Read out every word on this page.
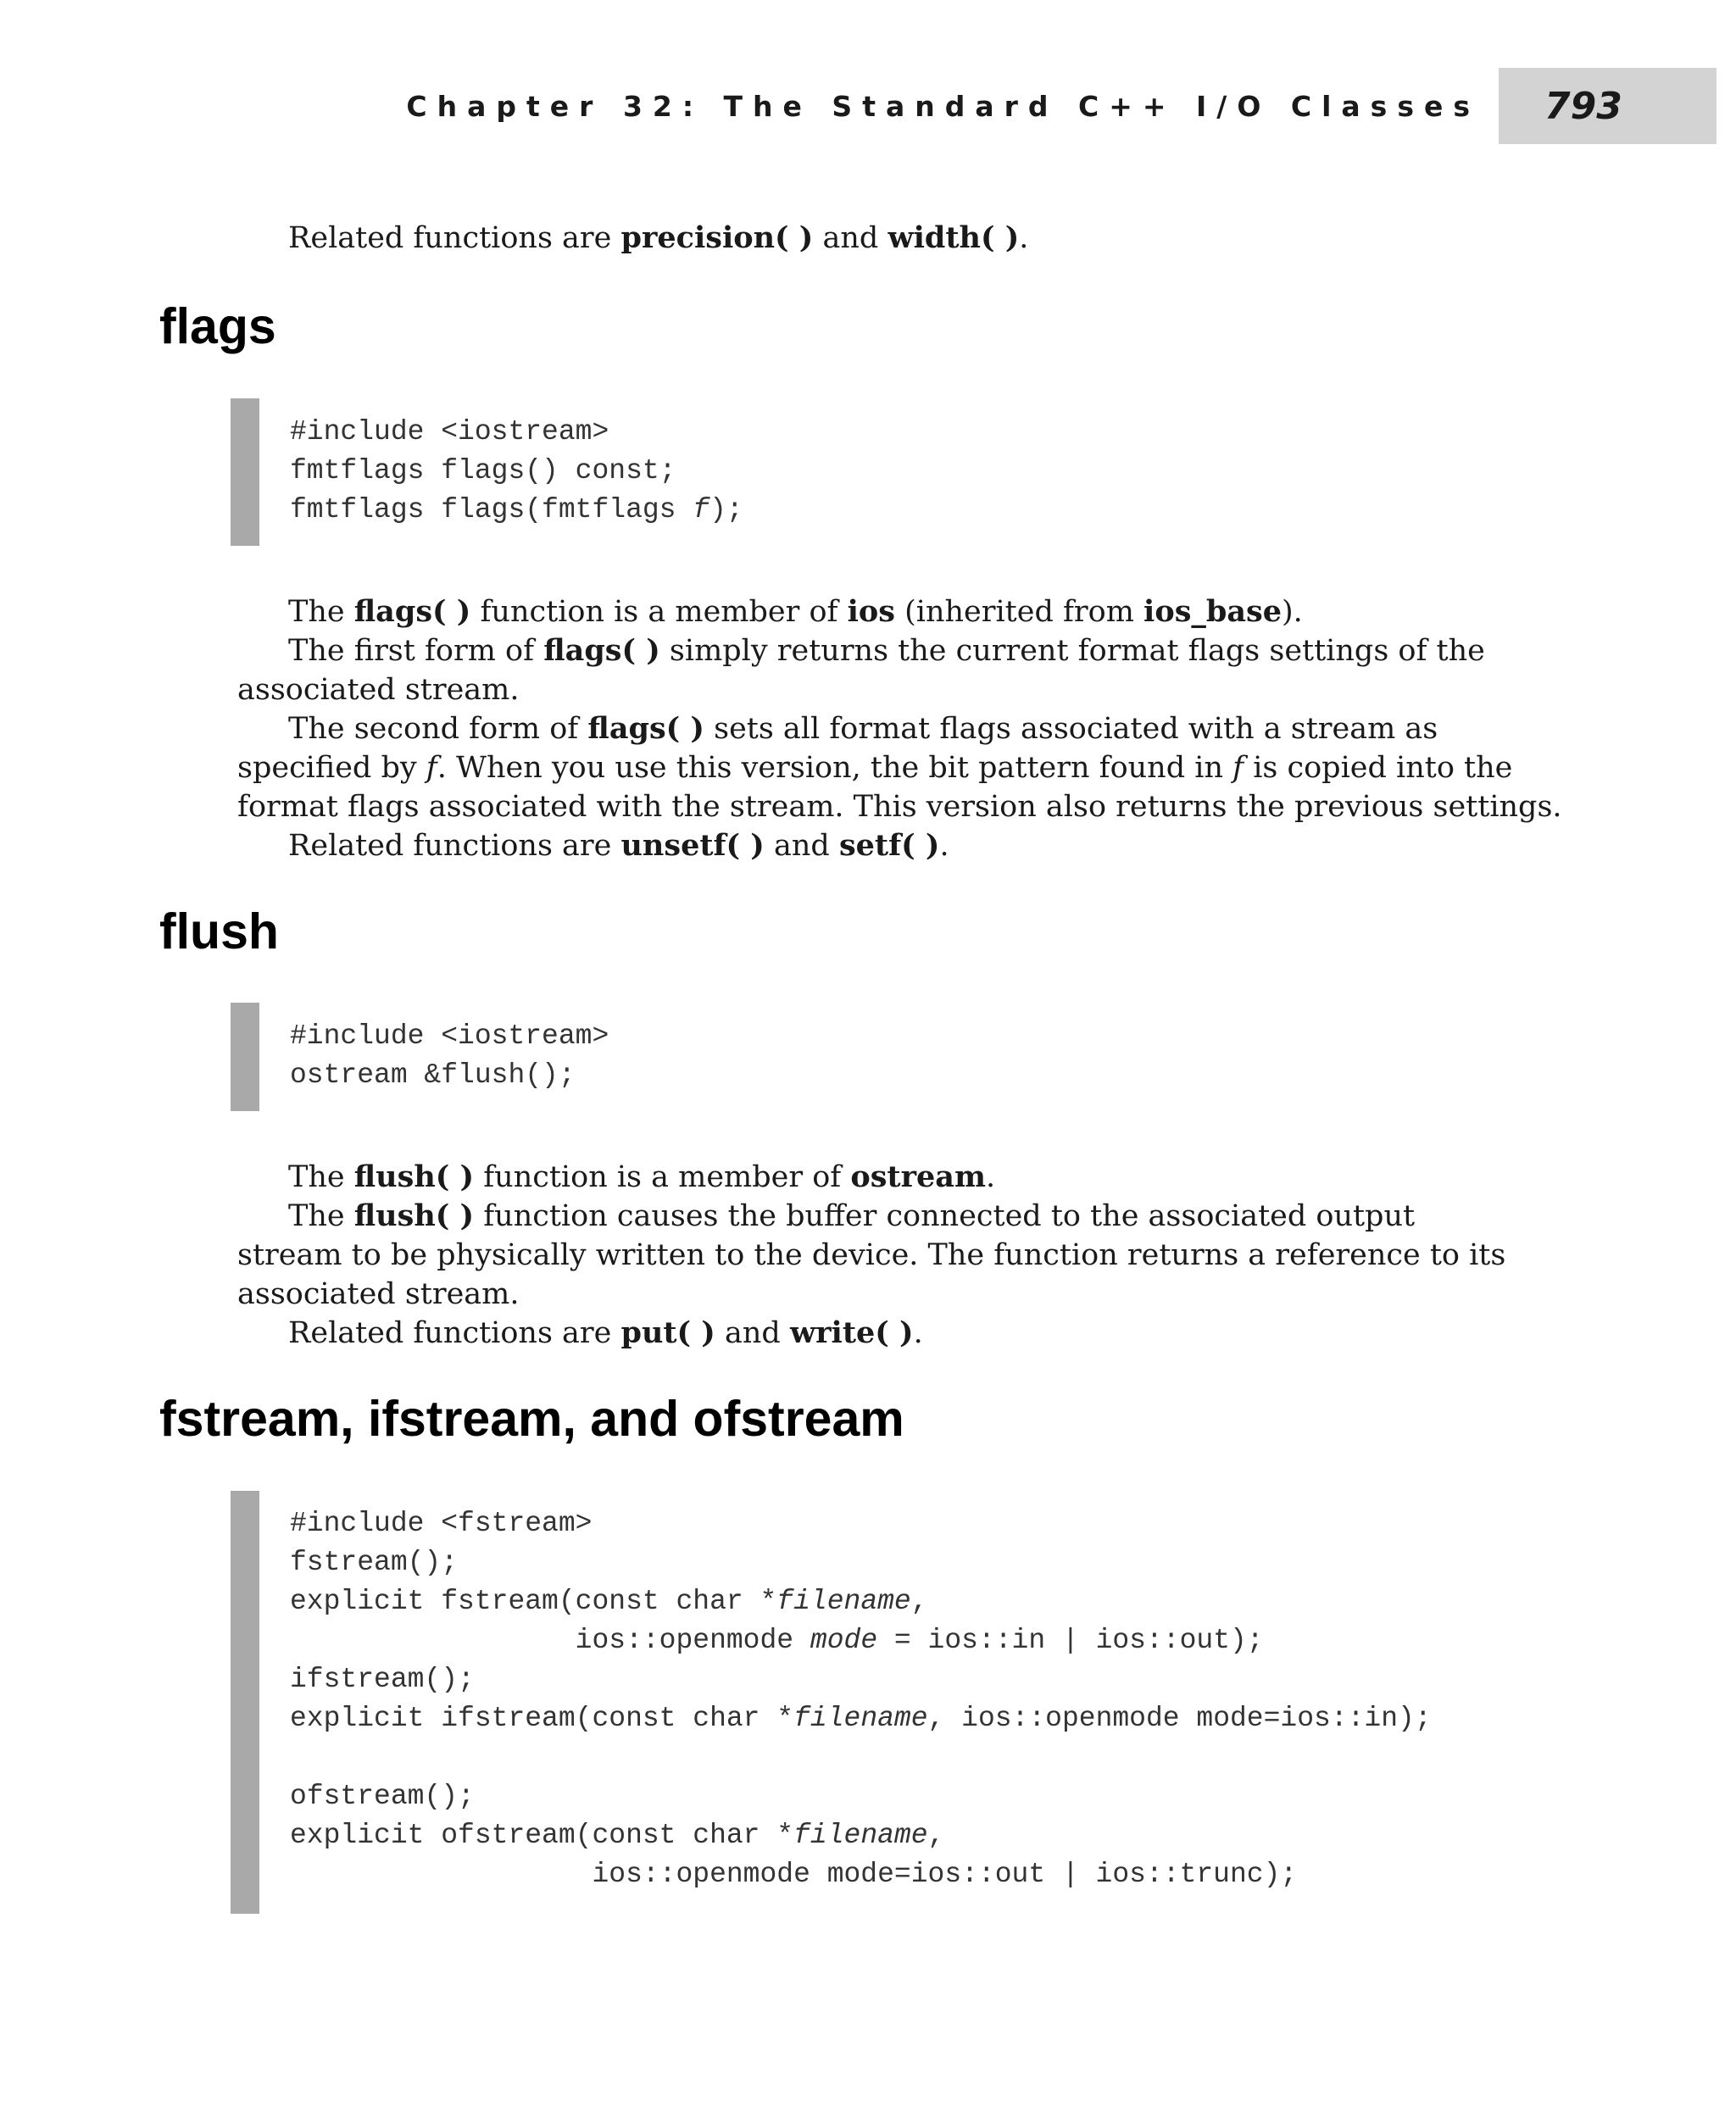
Chapter 32: The Standard C++ I/O Classes	793

Related functions are precision( ) and width( ).

flags
#include <iostream>
fmtflags flags() const;
fmtflags flags(fmtflags f);

The flags( ) function is a member of ios (inherited from ios_base).

The first form of flags( ) simply returns the current format flags settings of the

associated stream.

The second form of flags( ) sets all format flags associated with a stream as

specified by f. When you use this version, the bit pattern found in f is copied into the

format flags associated with the stream. This version also returns the previous settings.

Related functions are unsetf( ) and setf( ).

flush
#include <iostream>
ostream &flush();

The flush( ) function is a member of ostream.

The flush( ) function causes the buffer connected to the associated output

stream to be physically written to the device. The function returns a reference to its

associated stream.

Related functions are put( ) and write( ).

fstream, ifstream, and ofstream
#include <fstream>
fstream();
explicit fstream(const char *filename,
ios::openmode mode = ios::in | ios::out);
ifstream();
explicit ifstream(const char *filename, ios::openmode mode=ios::in);

ofstream();
explicit ofstream(const char *filename,
ios::openmode mode=ios::out | ios::trunc);
